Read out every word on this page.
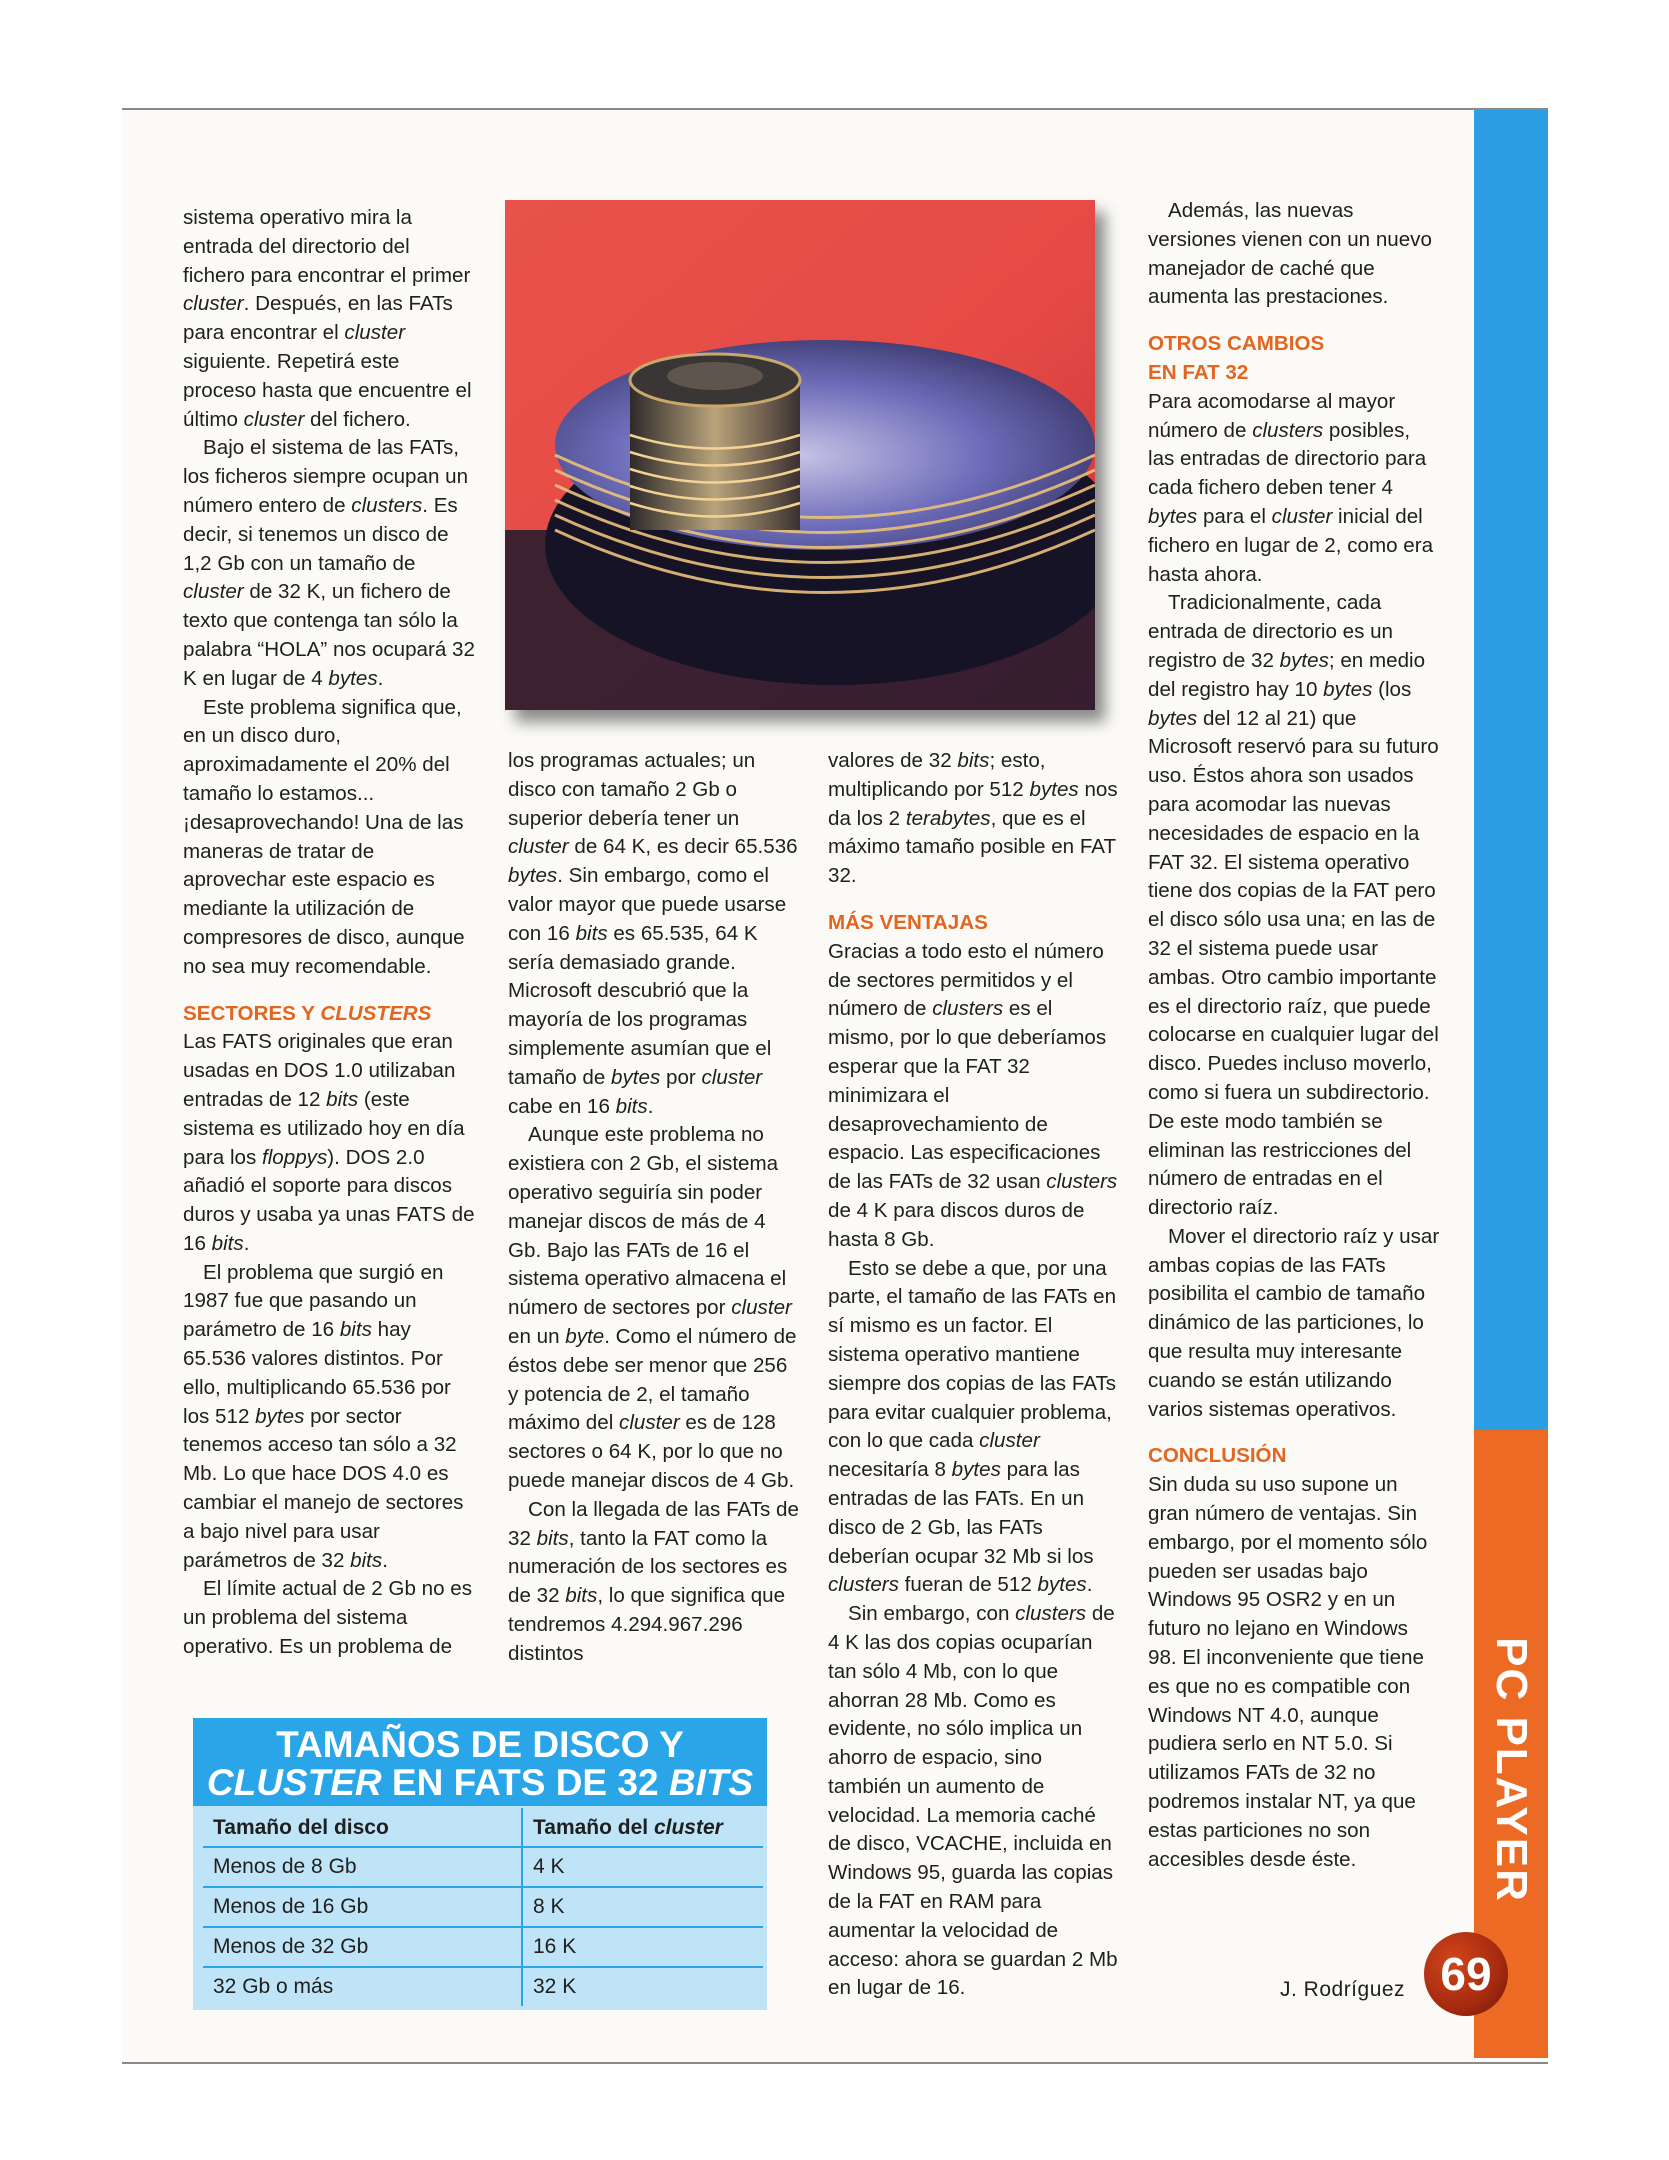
sistema operativo mira la entrada del directorio del fichero para encontrar el primer cluster. Después, en las FATs para encontrar el cluster siguiente. Repetirá este proceso hasta que encuentre el último cluster del fichero.

Bajo el sistema de las FATs, los ficheros siempre ocupan un número entero de clusters. Es decir, si tenemos un disco de 1,2 Gb con un tamaño de cluster de 32 K, un fichero de texto que contenga tan sólo la palabra “HOLA” nos ocupará 32 K en lugar de 4 bytes.

Este problema significa que, en un disco duro, aproximadamente el 20% del tamaño lo estamos... ¡desaprovechando! Una de las maneras de tratar de aprovechar este espacio es mediante la utilización de compresores de disco, aunque no sea muy recomendable.

SECTORES Y CLUSTERS

Las FATS originales que eran usadas en DOS 1.0 utilizaban entradas de 12 bits (este sistema es utilizado hoy en día para los floppys). DOS 2.0 añadió el soporte para discos duros y usaba ya unas FATS de 16 bits.

El problema que surgió en 1987 fue que pasando un parámetro de 16 bits hay 65.536 valores distintos. Por ello, multiplicando 65.536 por los 512 bytes por sector tenemos acceso tan sólo a 32 Mb. Lo que hace DOS 4.0 es cambiar el manejo de sectores a bajo nivel para usar parámetros de 32 bits.

El límite actual de 2 Gb no es un problema del sistema operativo. Es un problema de

los programas actuales; un disco con tamaño 2 Gb o superior debería tener un cluster de 64 K, es decir 65.536 bytes. Sin embargo, como el valor mayor que puede usarse con 16 bits es 65.535, 64 K sería demasiado grande. Microsoft descubrió que la mayoría de los programas simplemente asumían que el tamaño de bytes por cluster cabe en 16 bits.

Aunque este problema no existiera con 2 Gb, el sistema operativo seguiría sin poder manejar discos de más de 4 Gb. Bajo las FATs de 16 el sistema operativo almacena el número de sectores por cluster en un byte. Como el número de éstos debe ser menor que 256 y potencia de 2, el tamaño máximo del cluster es de 128 sectores o 64 K, por lo que no puede manejar discos de 4 Gb.

Con la llegada de las FATs de 32 bits, tanto la FAT como la numeración de los sectores es de 32 bits, lo que significa que tendremos 4.294.967.296 distintos

valores de 32 bits; esto, multiplicando por 512 bytes nos da los 2 terabytes, que es el máximo tamaño posible en FAT 32.

MÁS VENTAJAS

Gracias a todo esto el número de sectores permitidos y el número de clusters es el mismo, por lo que deberíamos esperar que la FAT 32 minimizara el desaprovechamiento de espacio. Las especificaciones de las FATs de 32 usan clusters de 4 K para discos duros de hasta 8 Gb.

Esto se debe a que, por una parte, el tamaño de las FATs en sí mismo es un factor. El sistema operativo mantiene siempre dos copias de las FATs para evitar cualquier problema, con lo que cada cluster necesitaría 8 bytes para las entradas de las FATs. En un disco de 2 Gb, las FATs deberían ocupar 32 Mb si los clusters fueran de 512 bytes.

Sin embargo, con clusters de 4 K las dos copias ocuparían tan sólo 4 Mb, con lo que ahorran 28 Mb. Como es evidente, no sólo implica un ahorro de espacio, sino también un aumento de velocidad. La memoria caché de disco, VCACHE, incluida en Windows 95, guarda las copias de la FAT en RAM para aumentar la velocidad de acceso: ahora se guardan 2 Mb en lugar de 16.

Además, las nuevas versiones vienen con un nuevo manejador de caché que aumenta las prestaciones.

OTROS CAMBIOS
EN FAT 32

Para acomodarse al mayor número de clusters posibles, las entradas de directorio para cada fichero deben tener 4 bytes para el cluster inicial del fichero en lugar de 2, como era hasta ahora.

Tradicionalmente, cada entrada de directorio es un registro de 32 bytes; en medio del registro hay 10 bytes (los bytes del 12 al 21) que Microsoft reservó para su futuro uso. Éstos ahora son usados para acomodar las nuevas necesidades de espacio en la FAT 32. El sistema operativo tiene dos copias de la FAT pero el disco sólo usa una; en las de 32 el sistema puede usar ambas. Otro cambio importante es el directorio raíz, que puede colocarse en cualquier lugar del disco. Puedes incluso moverlo, como si fuera un subdirectorio. De este modo también se eliminan las restricciones del número de entradas en el directorio raíz.

Mover el directorio raíz y usar ambas copias de las FATs posibilita el cambio de tamaño dinámico de las particiones, lo que resulta muy interesante cuando se están utilizando varios sistemas operativos.

CONCLUSIÓN

Sin duda su uso supone un gran número de ventajas. Sin embargo, por el momento sólo pueden ser usadas bajo Windows 95 OSR2 y en un futuro no lejano en Windows 98. El inconveniente que tiene es que no es compatible con Windows NT 4.0, aunque pudiera serlo en NT 5.0. Si utilizamos FATs de 32 no podremos instalar NT, ya que estas particiones no son accesibles desde éste.

TAMAÑOS DE DISCO Y
CLUSTER EN FATS DE 32 BITS
Tamaño del disco	Tamaño del cluster
Menos de 8 Gb	4 K
Menos de 16 Gb	8 K
Menos de 32 Gb	16 K
32 Gb o más	32 K
PC PLAYER
69
J. Rodríguez
